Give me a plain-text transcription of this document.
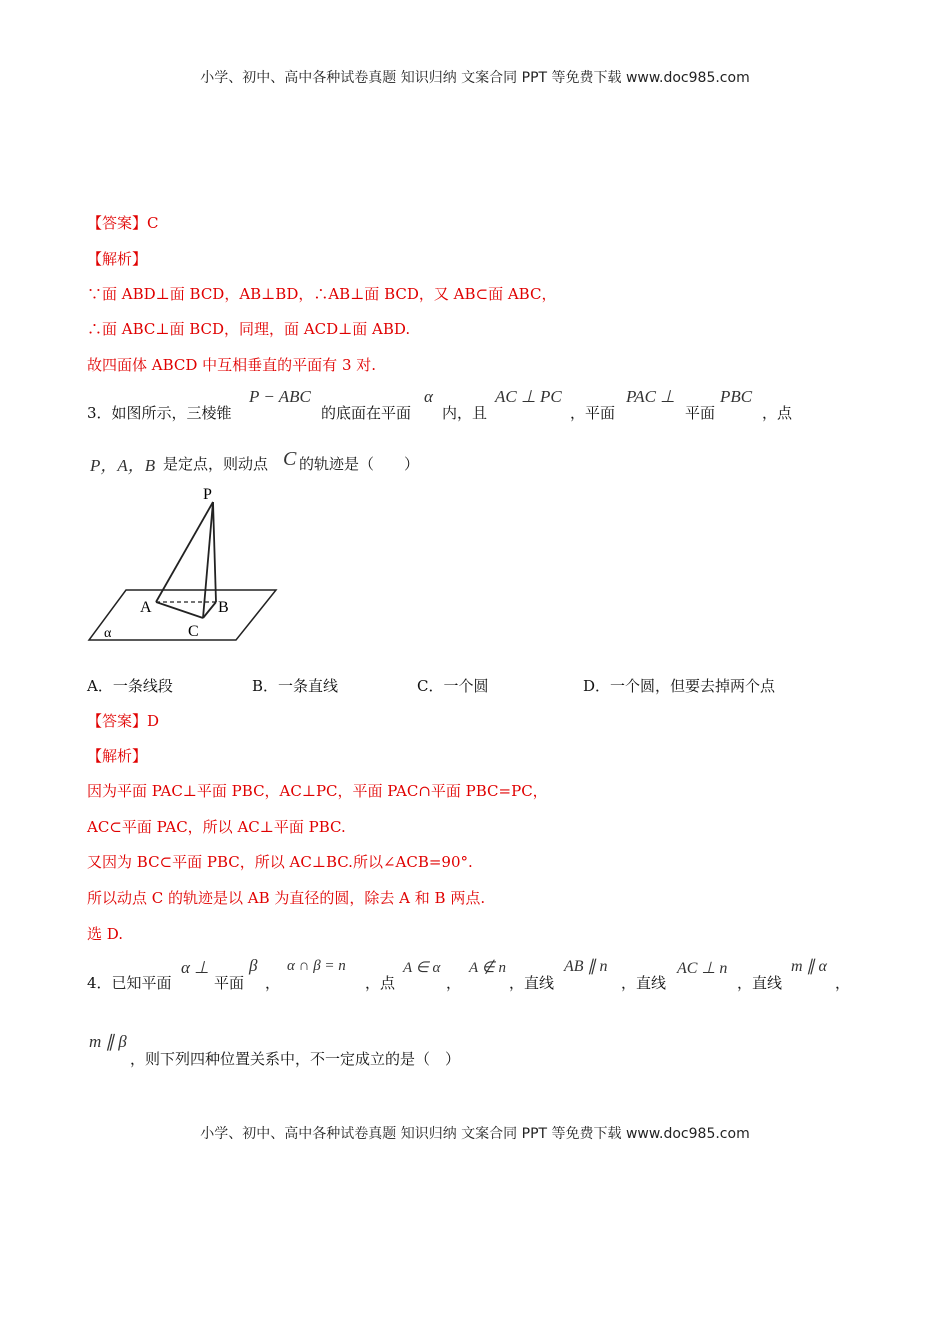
小学、初中、高中各种试卷真题 知识归纳 文案合同 PPT 等免费下载 www.doc985.com
【答案】C
【解析】
∵面 ABD⊥面 BCD，AB⊥BD，∴AB⊥面 BCD，又 AB⊂面 ABC，
∴面 ABC⊥面 BCD，同理，面 ACD⊥面 ABD.
故四面体 ABCD 中互相垂直的平面有 3 对.
3．如图所示，三棱锥
P − ABC
的底面在平面
α
内，且
AC ⊥ PC
，平面
PAC ⊥
平面
PBC
，点
P，A，B 是定点，则动点 C 的轨迹是（　　）
P
A	B
C
α
A．一条线段	B．一条直线	C．一个圆	D．一个圆，但要去掉两个点
【答案】D
【解析】
因为平面 PAC⊥平面 PBC，AC⊥PC，平面 PAC∩平面 PBC=PC，
AC⊂平面 PAC，所以 AC⊥平面 PBC.
又因为 BC⊂平面 PBC，所以 AC⊥BC.所以∠ACB=90°.
所以动点 C 的轨迹是以 AB 为直径的圆，除去 A 和 B 两点.
选 D.
4．已知平面
α ⊥
平面
β
，
α ∩ β = n
，点
A ∈ α
，
A ∉ n
，直线
AB ∥ n
，直线
AC ⊥ n
，直线
m ∥ α
，
m ∥ β
，则下列四种位置关系中，不一定成立的是（　）
小学、初中、高中各种试卷真题 知识归纳 文案合同 PPT 等免费下载 www.doc985.com
